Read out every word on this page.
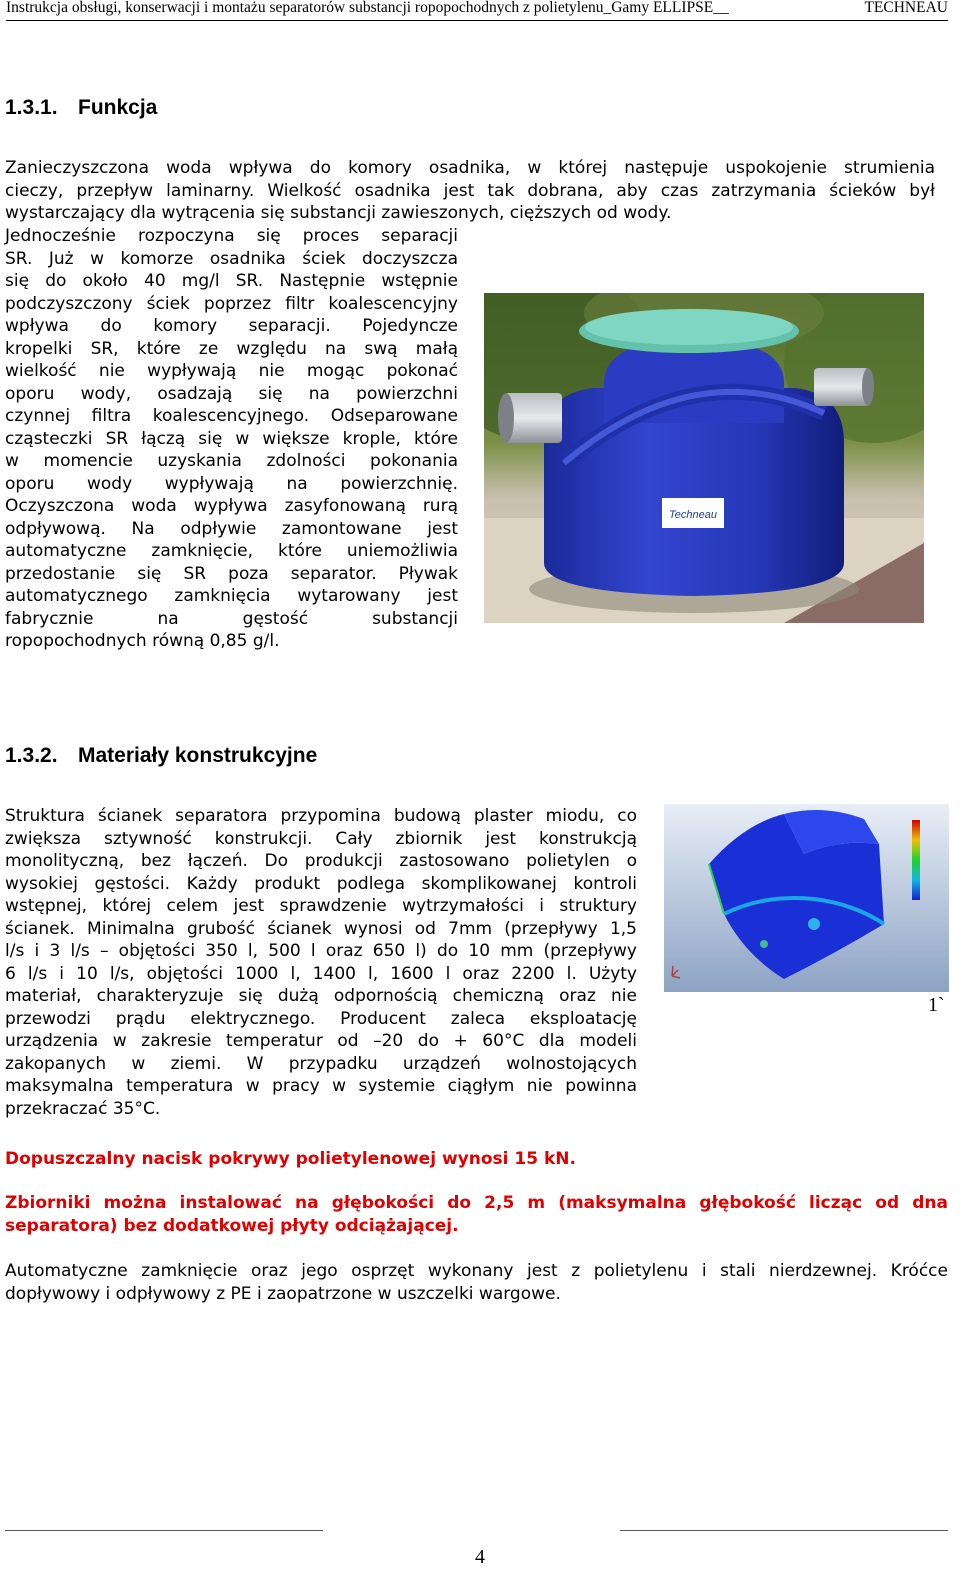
Instrukcja obsługi, konserwacji i montażu separatorów substancji ropopochodnych z polietylenu_Gamy ELLIPSE__	TECHNEAU
1.3.1. Funkcja
Zanieczyszczona woda wpływa do komory osadnika, w której następuje uspokojenie strumienia
cieczy, przepływ laminarny. Wielkość osadnika jest tak dobrana, aby czas zatrzymania ścieków był
wystarczający dla wytrącenia się substancji zawieszonych, cięższych od wody.
Jednocześnie rozpoczyna się proces separacji
SR. Już w komorze osadnika ściek doczyszcza
się do około 40 mg/l SR. Następnie wstępnie
podczyszczony ściek poprzez filtr koalescencyjny
wpływa do komory separacji. Pojedyncze
kropelki SR, które ze względu na swą małą
wielkość nie wypływają nie mogąc pokonać
oporu wody, osadzają się na powierzchni
czynnej filtra koalescencyjnego. Odseparowane
cząsteczki SR łączą się w większe krople, które
w momencie uzyskania zdolności pokonania
oporu wody wypływają na powierzchnię.
Oczyszczona woda wypływa zasyfonowaną rurą
odpływową. Na odpływie zamontowane jest
automatyczne zamknięcie, które uniemożliwia
przedostanie się SR poza separator. Pływak
automatycznego zamknięcia wytarowany jest
fabrycznie na gęstość substancji
ropopochodnych równą 0,85 g/l.
Techneau
1.3.2. Materiały konstrukcyjne
Struktura ścianek separatora przypomina budową plaster miodu, co
zwiększa sztywność konstrukcji. Cały zbiornik jest konstrukcją
monolityczną, bez łączeń. Do produkcji zastosowano polietylen o
wysokiej gęstości. Każdy produkt podlega skomplikowanej kontroli
wstępnej, której celem jest sprawdzenie wytrzymałości i struktury
ścianek. Minimalna grubość ścianek wynosi od 7mm (przepływy 1,5
l/s i 3 l/s – objętości 350 l, 500 l oraz 650 l) do 10 mm (przepływy
6 l/s i 10 l/s, objętości 1000 l, 1400 l, 1600 l oraz 2200 l. Użyty
materiał, charakteryzuje się dużą odpornością chemiczną oraz nie
przewodzi prądu elektrycznego. Producent zaleca eksploatację
urządzenia w zakresie temperatur od –20 do + 60°C dla modeli
zakopanych w ziemi. W przypadku urządzeń wolnostojących
maksymalna temperatura w pracy w systemie ciągłym nie powinna
przekraczać 35°C.
1`
Dopuszczalny nacisk pokrywy polietylenowej wynosi 15 kN.
Zbiorniki można instalować na głębokości do 2,5 m (maksymalna głębokość licząc od dna
separatora) bez dodatkowej płyty odciążającej.
Automatyczne zamknięcie oraz jego osprzęt wykonany jest z polietylenu i stali nierdzewnej. Króćce
dopływowy i odpływowy z PE i zaopatrzone w uszczelki wargowe.
4
